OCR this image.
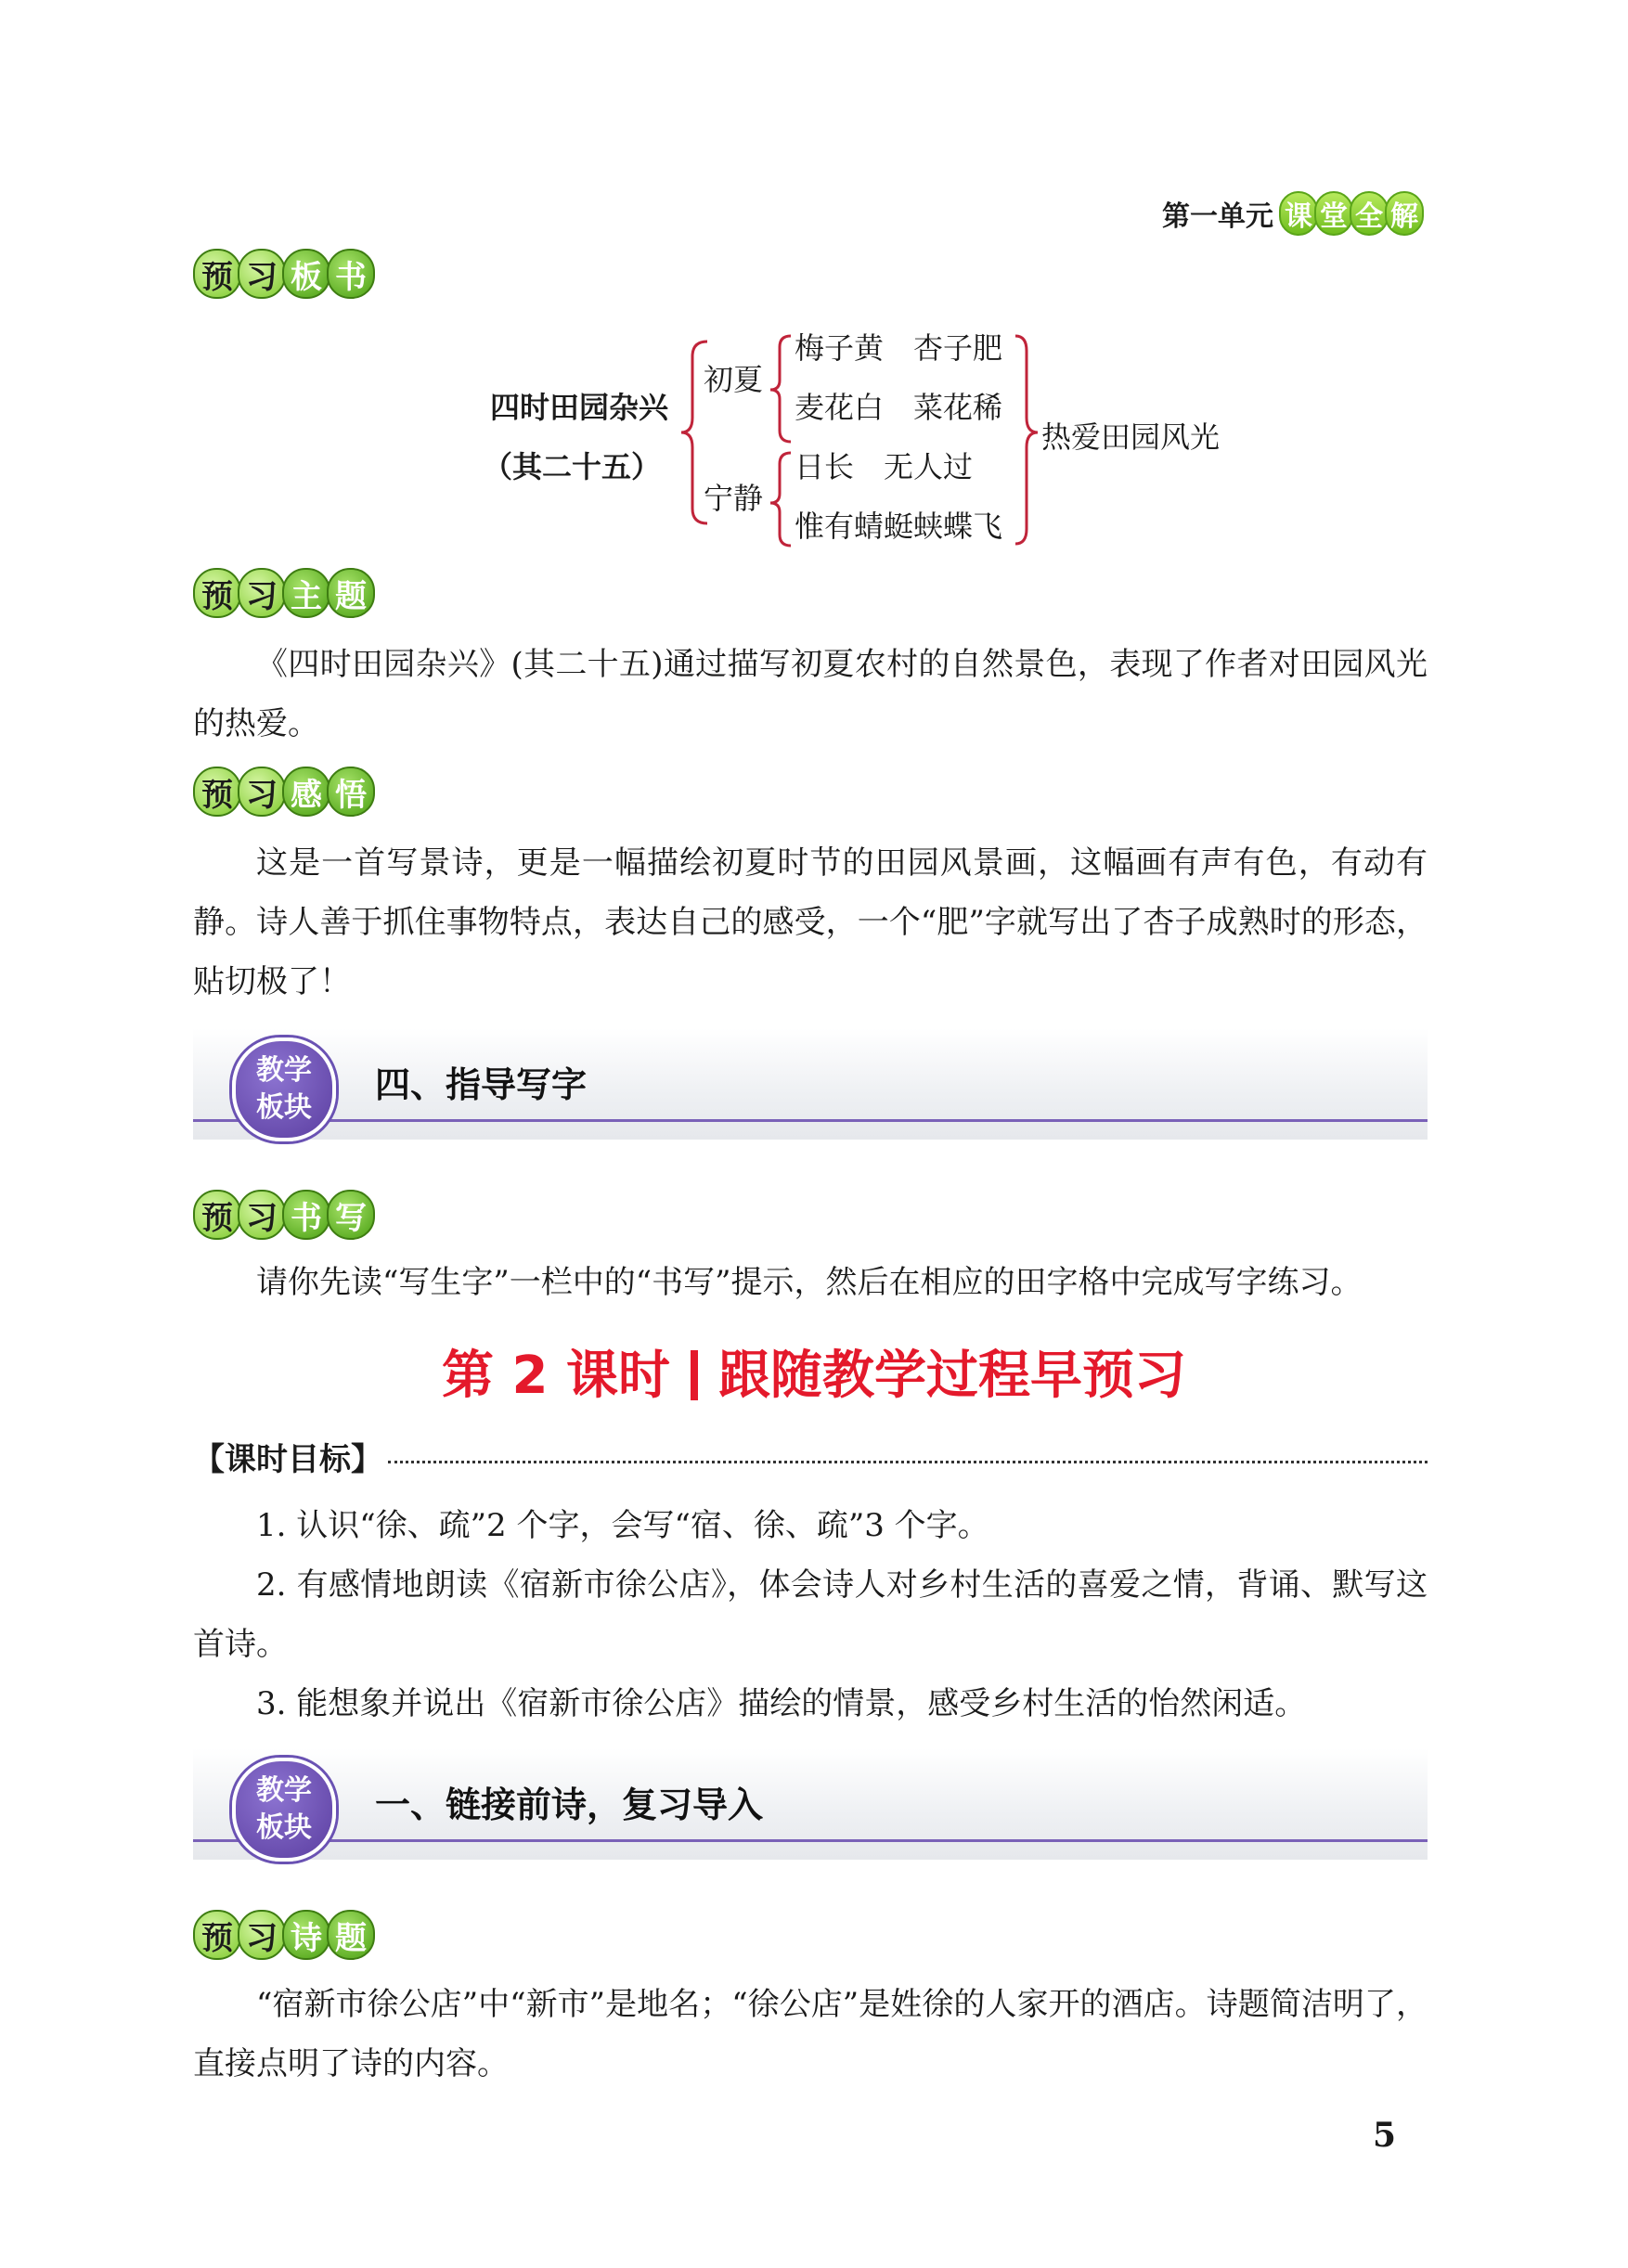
第一单元 课 堂 全 解
预 习 板 书
四时田园杂兴
（其二十五）
初夏
宁静
梅子黄　杏子肥
麦花白　菜花稀
日长　无人过
惟有蜻蜓蛱蝶飞
热爱田园风光
预 习 主 题

《四时田园杂兴》(其二十五)通过描写初夏农村的自然景色，表现了作者对田园风光的热爱。

预 习 感 悟

这是一首写景诗，更是一幅描绘初夏时节的田园风景画，这幅画有声有色，有动有静。诗人善于抓住事物特点，表达自己的感受，一个“肥”字就写出了杏子成熟时的形态，贴切极了！

教学
板块
四、指导写字
预 习 书 写

请你先读“写生字”一栏中的“书写”提示，然后在相应的田字格中完成写字练习。

第 2 课时 跟随教学过程早预习
【课时目标】

1. 认识“徐、疏”2 个字，会写“宿、徐、疏”3 个字。

2. 有感情地朗读《宿新市徐公店》，体会诗人对乡村生活的喜爱之情，背诵、默写这首诗。

3. 能想象并说出《宿新市徐公店》描绘的情景，感受乡村生活的怡然闲适。

教学
板块
一、链接前诗，复习导入
预 习 诗 题

“宿新市徐公店”中“新市”是地名；“徐公店”是姓徐的人家开的酒店。诗题简洁明了，直接点明了诗的内容。

5
